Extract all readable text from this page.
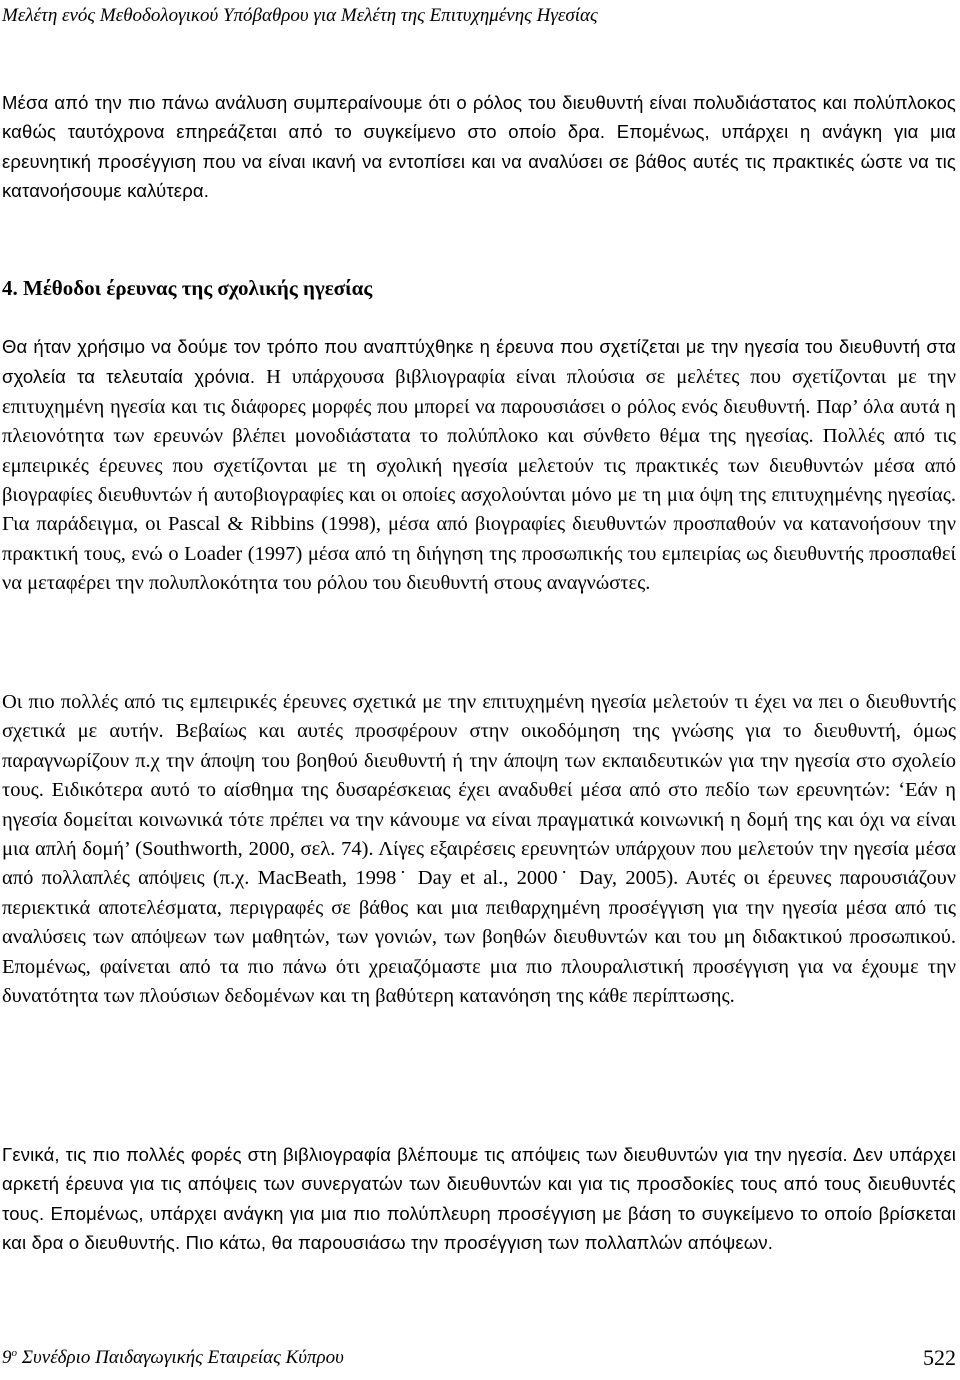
Μελέτη ενός Μεθοδολογικού Υπόβαθρου για Μελέτη της Επιτυχημένης Ηγεσίας

Μέσα από την πιο πάνω ανάλυση συμπεραίνουμε ότι ο ρόλος του διευθυντή είναι πολυδιάστατος και πολύπλοκος καθώς ταυτόχρονα επηρεάζεται από το συγκείμενο στο οποίο δρα. Επομένως, υπάρχει η ανάγκη για μια ερευνητική προσέγγιση που να είναι ικανή να εντοπίσει και να αναλύσει σε βάθος αυτές τις πρακτικές ώστε να τις κατανοήσουμε καλύτερα.

4. Μέθοδοι έρευνας της σχολικής ηγεσίας

Θα ήταν χρήσιμο να δούμε τον τρόπο που αναπτύχθηκε η έρευνα που σχετίζεται με την ηγεσία του διευθυντή στα σχολεία τα τελευταία χρόνια. Η υπάρχουσα βιβλιογραφία είναι πλούσια σε μελέτες που σχετίζονται με την επιτυχημένη ηγεσία και τις διάφορες μορφές που μπορεί να παρουσιάσει ο ρόλος ενός διευθυντή. Παρ’ όλα αυτά η πλειονότητα των ερευνών βλέπει μονοδιάστατα το πολύπλοκο και σύνθετο θέμα της ηγεσίας. Πολλές από τις εμπειρικές έρευνες που σχετίζονται με τη σχολική ηγεσία μελετούν τις πρακτικές των διευθυντών μέσα από βιογραφίες διευθυντών ή αυτοβιογραφίες και οι οποίες ασχολούνται μόνο με τη μια όψη της επιτυχημένης ηγεσίας. Για παράδειγμα, οι Pascal & Ribbins (1998), μέσα από βιογραφίες διευθυντών προσπαθούν να κατανοήσουν την πρακτική τους, ενώ ο Loader (1997) μέσα από τη διήγηση της προσωπικής του εμπειρίας ως διευθυντής προσπαθεί να μεταφέρει την πολυπλοκότητα του ρόλου του διευθυντή στους αναγνώστες.

Οι πιο πολλές από τις εμπειρικές έρευνες σχετικά με την επιτυχημένη ηγεσία μελετούν τι έχει να πει ο διευθυντής σχετικά με αυτήν. Βεβαίως και αυτές προσφέρουν στην οικοδόμηση της γνώσης για το διευθυντή, όμως παραγνωρίζουν π.χ την άποψη του βοηθού διευθυντή ή την άποψη των εκπαιδευτικών για την ηγεσία στο σχολείο τους. Ειδικότερα αυτό το αίσθημα της δυσαρέσκειας έχει αναδυθεί μέσα από στο πεδίο των ερευνητών: ‘Εάν η ηγεσία δομείται κοινωνικά τότε πρέπει να την κάνουμε να είναι πραγματικά κοινωνική η δομή της και όχι να είναι μια απλή δομή’ (Southworth, 2000, σελ. 74). Λίγες εξαιρέσεις ερευνητών υπάρχουν που μελετούν την ηγεσία μέσα από πολλαπλές απόψεις (π.χ. MacBeath, 1998˙ Day et al., 2000˙ Day, 2005). Αυτές οι έρευνες παρουσιάζουν περιεκτικά αποτελέσματα, περιγραφές σε βάθος και μια πειθαρχημένη προσέγγιση για την ηγεσία μέσα από τις αναλύσεις των απόψεων των μαθητών, των γονιών, των βοηθών διευθυντών και του μη διδακτικού προσωπικού. Επομένως, φαίνεται από τα πιο πάνω ότι χρειαζόμαστε μια πιο πλουραλιστική προσέγγιση για να έχουμε την δυνατότητα των πλούσιων δεδομένων και τη βαθύτερη κατανόηση της κάθε περίπτωσης.

Γενικά, τις πιο πολλές φορές στη βιβλιογραφία βλέπουμε τις απόψεις των διευθυντών για την ηγεσία. Δεν υπάρχει αρκετή έρευνα για τις απόψεις των συνεργατών των διευθυντών και για τις προσδοκίες τους από τους διευθυντές τους. Επομένως, υπάρχει ανάγκη για μια πιο πολύπλευρη προσέγγιση με βάση το συγκείμενο το οποίο βρίσκεται και δρα ο διευθυντής. Πιο κάτω, θα παρουσιάσω την προσέγγιση των πολλαπλών απόψεων.

$9^o$ Συνέδριο Παιδαγωγικής Εταιρείας Κύπρου	522
